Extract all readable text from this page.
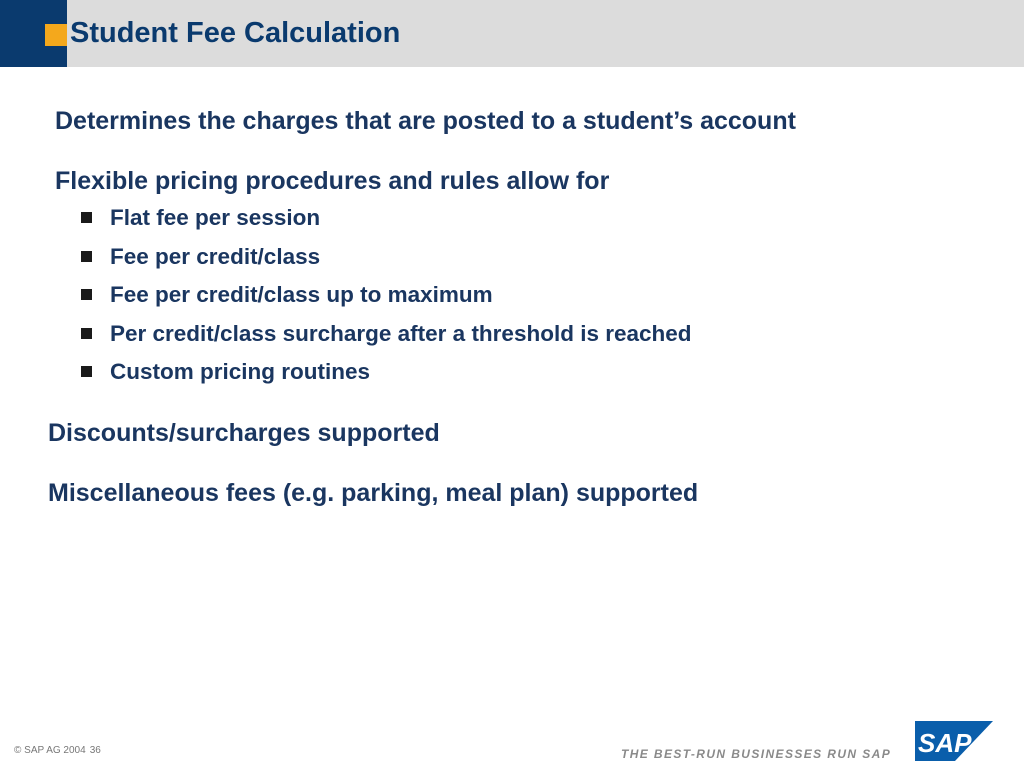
Student Fee Calculation

Determines the charges that are posted to a student’s account

Flexible pricing procedures and rules allow for

Flat fee per session
Fee per credit/class
Fee per credit/class up to maximum
Per credit/class surcharge after a threshold is reached
Custom pricing routines

Discounts/surcharges supported

Miscellaneous fees (e.g. parking, meal plan) supported

© SAP AG 2004 36	THE BEST-RUN BUSINESSES RUN SAP SAP
